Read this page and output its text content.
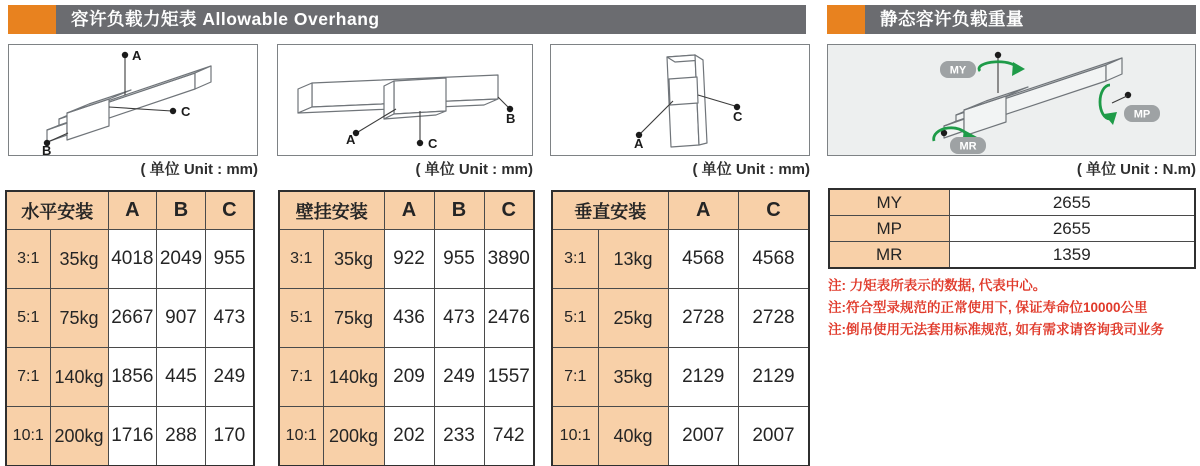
容许负载力矩表 Allowable Overhang	静态容许负载重量
A
B
C
A	C
B
A
C
MY
MP
MR
( 单位 Unit : mm)	( 单位 Unit : mm)	( 单位 Unit : mm)	( 单位 Unit : N.m)
水平安装		A	B	C
3:1	35kg	4018	2049	955
5:1	75kg	2667	907	473
7:1	140kg	1856	445	249
10:1	200kg	1716	288	170
壁挂安装		A	B	C
3:1	35kg	922	955	3890
5:1	75kg	436	473	2476
7:1	140kg	209	249	1557
10:1	200kg	202	233	742
垂直安装		A	C
3:1	13kg	4568	4568
5:1	25kg	2728	2728
7:1	35kg	2129	2129
10:1	40kg	2007	2007
MY	2655
MP	2655
MR	1359
注: 力矩表所表示的数据, 代表中心。
注:符合型录规范的正常使用下, 保证寿命位10000公里
注:倒吊使用无法套用标准规范, 如有需求请咨询我司业务
